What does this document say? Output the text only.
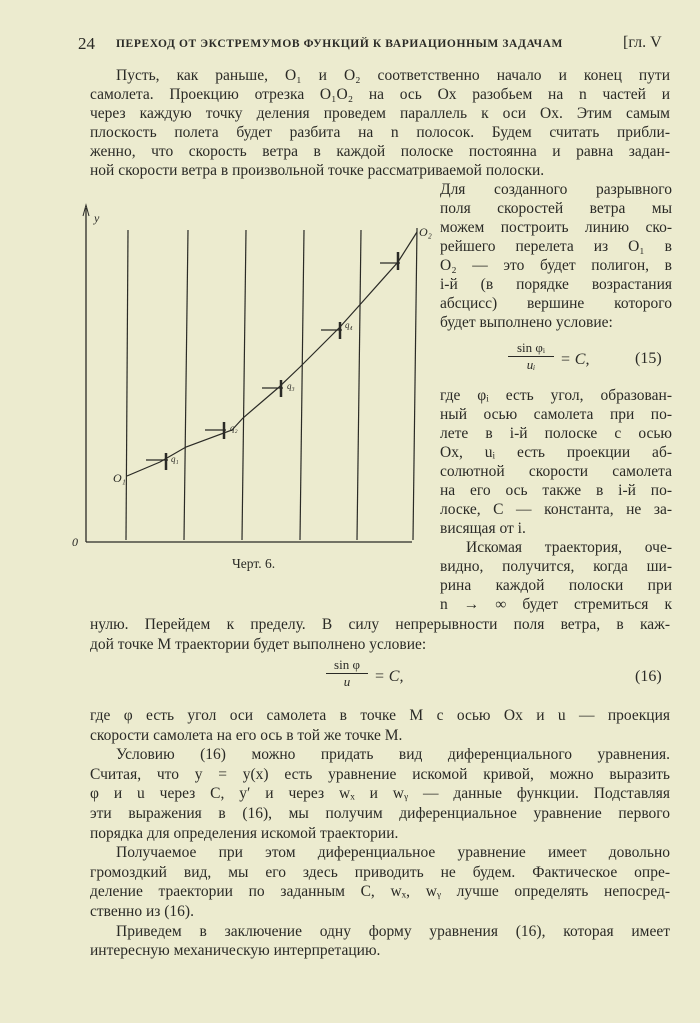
24 ПЕРЕХОД ОТ ЭКСТРЕМУМОВ ФУНКЦИЙ К ВАРИАЦИОННЫМ ЗАДАЧАМ	[гл. V
Пусть, как раньше, O₁ и O₂ соответственно начало и конец пути
самолета. Проекцию отрезка O₁O₂ на ось Ox разобьем на n частей и
через каждую точку деления проведем параллель к оси Ox. Этим самым
плоскость полета будет разбита на n полосок. Будем считать прибли-
женно, что скорость ветра в каждой полоске постоянна и равна задан-
ной скорости ветра в произвольной точке рассматриваемой полоски.
Для созданного разрывного
поля скоростей ветра мы
можем построить линию ско-
рейшего перелета из O₁ в
O₂ — это будет полигон, в
i-й (в порядке возрастания
абсцисс) вершине которого
будет выполнено условие:
где φᵢ есть угол, образован-
ный осью самолета при по-
лете в i-й полоске с осью
Ox, uᵢ есть проекции аб-
солютной скорости самолета
на его ось также в i-й по-
лоске, C — константа, не за-
висящая от i.
Искомая траектория, оче-
видно, получится, когда ши-
рина каждой полоски при
n → ∞ будет стремиться к
нулю. Перейдем к пределу. В силу непрерывности поля ветра, в каж-
дой точке M траектории будет выполнено условие:
где φ есть угол оси самолета в точке M с осью Ox и u — проекция
скорости самолета на его ось в той же точке M.
Условию (16) можно придать вид диференциального уравнения.
Считая, что y = y(x) есть уравнение искомой кривой, можно выразить
φ и u через C, y′ и через wₓ и wᵧ — данные функции. Подставляя
эти выражения в (16), мы получим диференциальное уравнение первого
порядка для определения искомой траектории.
Получаемое при этом диференциальное уравнение имеет довольно
громоздкий вид, мы его здесь приводить не будем. Фактическое опре-
деление траектории по заданным C, wₓ, wᵧ лучше определять непосред-
ственно из (16).
Приведем в заключение одну форму уравнения (16), которая имеет
интересную механическую интерпретацию.
$\frac{\text{sin φᵢ}}{\text{uᵢ}} = C$,	(15)
$\frac{\text{sin φ}}{u} = C$,	(16)
y
0
O₁
O₂
q₁
q₂
q₃
q₄
Черт. 6.
